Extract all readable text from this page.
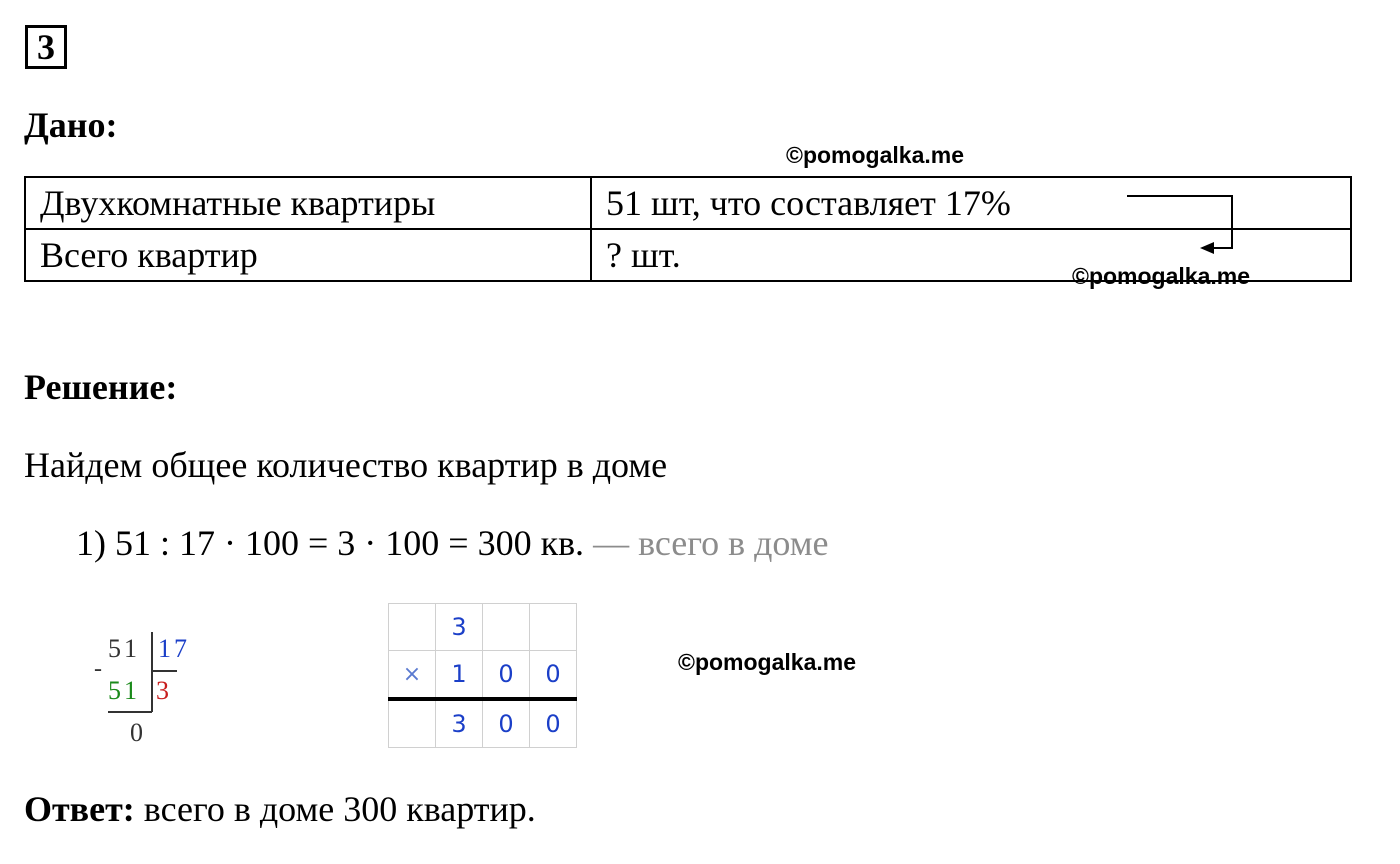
3
Дано:
©pomogalka.me
Двухкомнатные квартиры	51 шт, что составляет 17%
Всего квартир	? шт.
©pomogalka.me
Решение:
Найдем общее количество квартир в доме
1) 51 : 17 · 100 = 3 · 100 = 300 кв. — всего в доме
51 17
-
51 3
0
	3		
×	1	0	0
	3	0	0
©pomogalka.me
Ответ: всего в доме 300 квартир.
